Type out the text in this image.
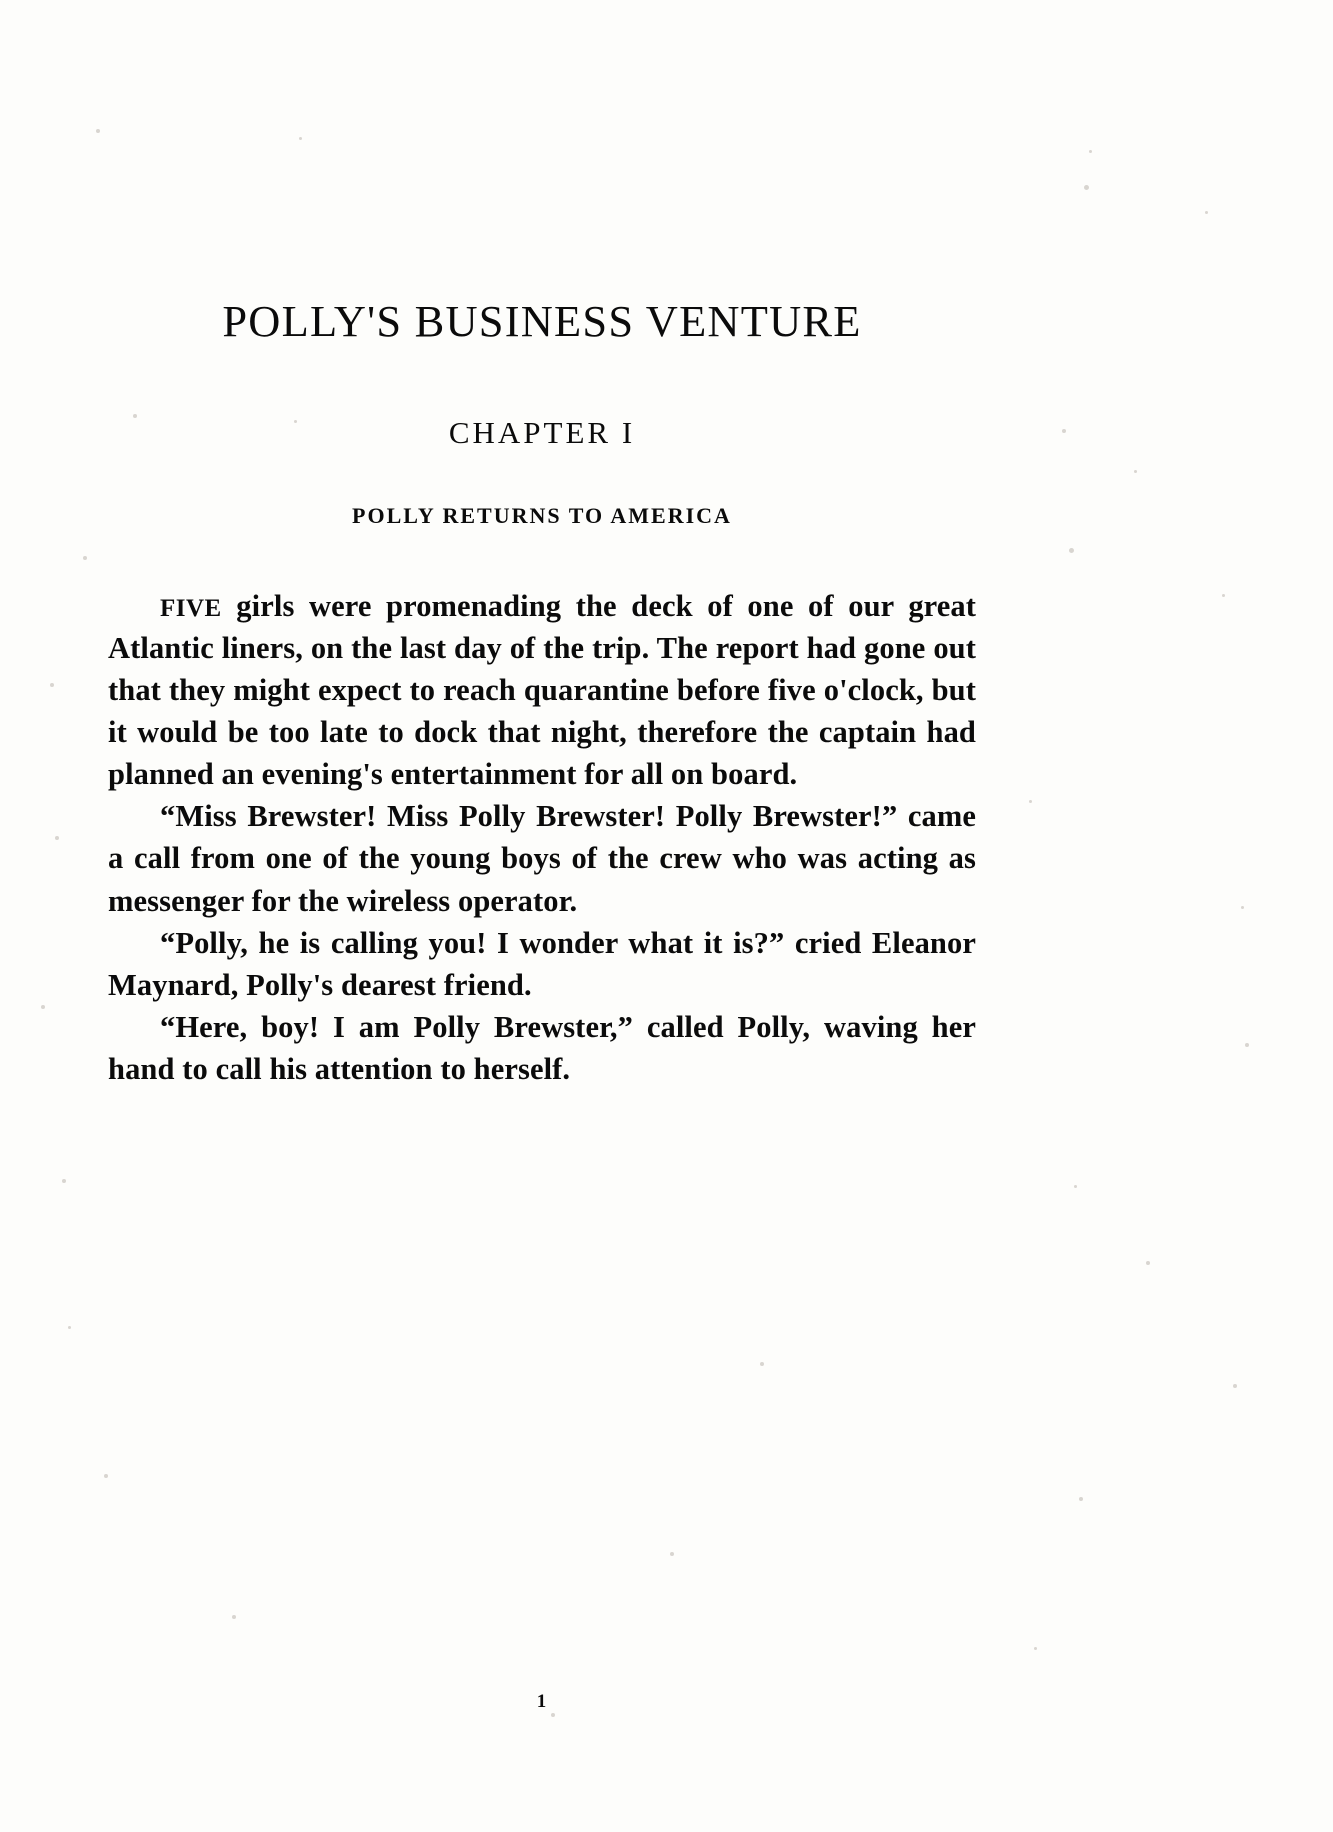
POLLY'S BUSINESS VENTURE
CHAPTER I
POLLY RETURNS TO AMERICA

FIVE girls were promenading the deck of one of our great Atlantic liners, on the last day of the trip. The report had gone out that they might expect to reach quarantine before five o'clock, but it would be too late to dock that night, therefore the captain had planned an evening's entertainment for all on board.

“Miss Brewster! Miss Polly Brewster! Polly Brewster!” came a call from one of the young boys of the crew who was acting as messenger for the wireless operator.

“Polly, he is calling you! I wonder what it is?” cried Eleanor Maynard, Polly's dearest friend.

“Here, boy! I am Polly Brewster,” called Polly, waving her hand to call his attention to herself.

1
